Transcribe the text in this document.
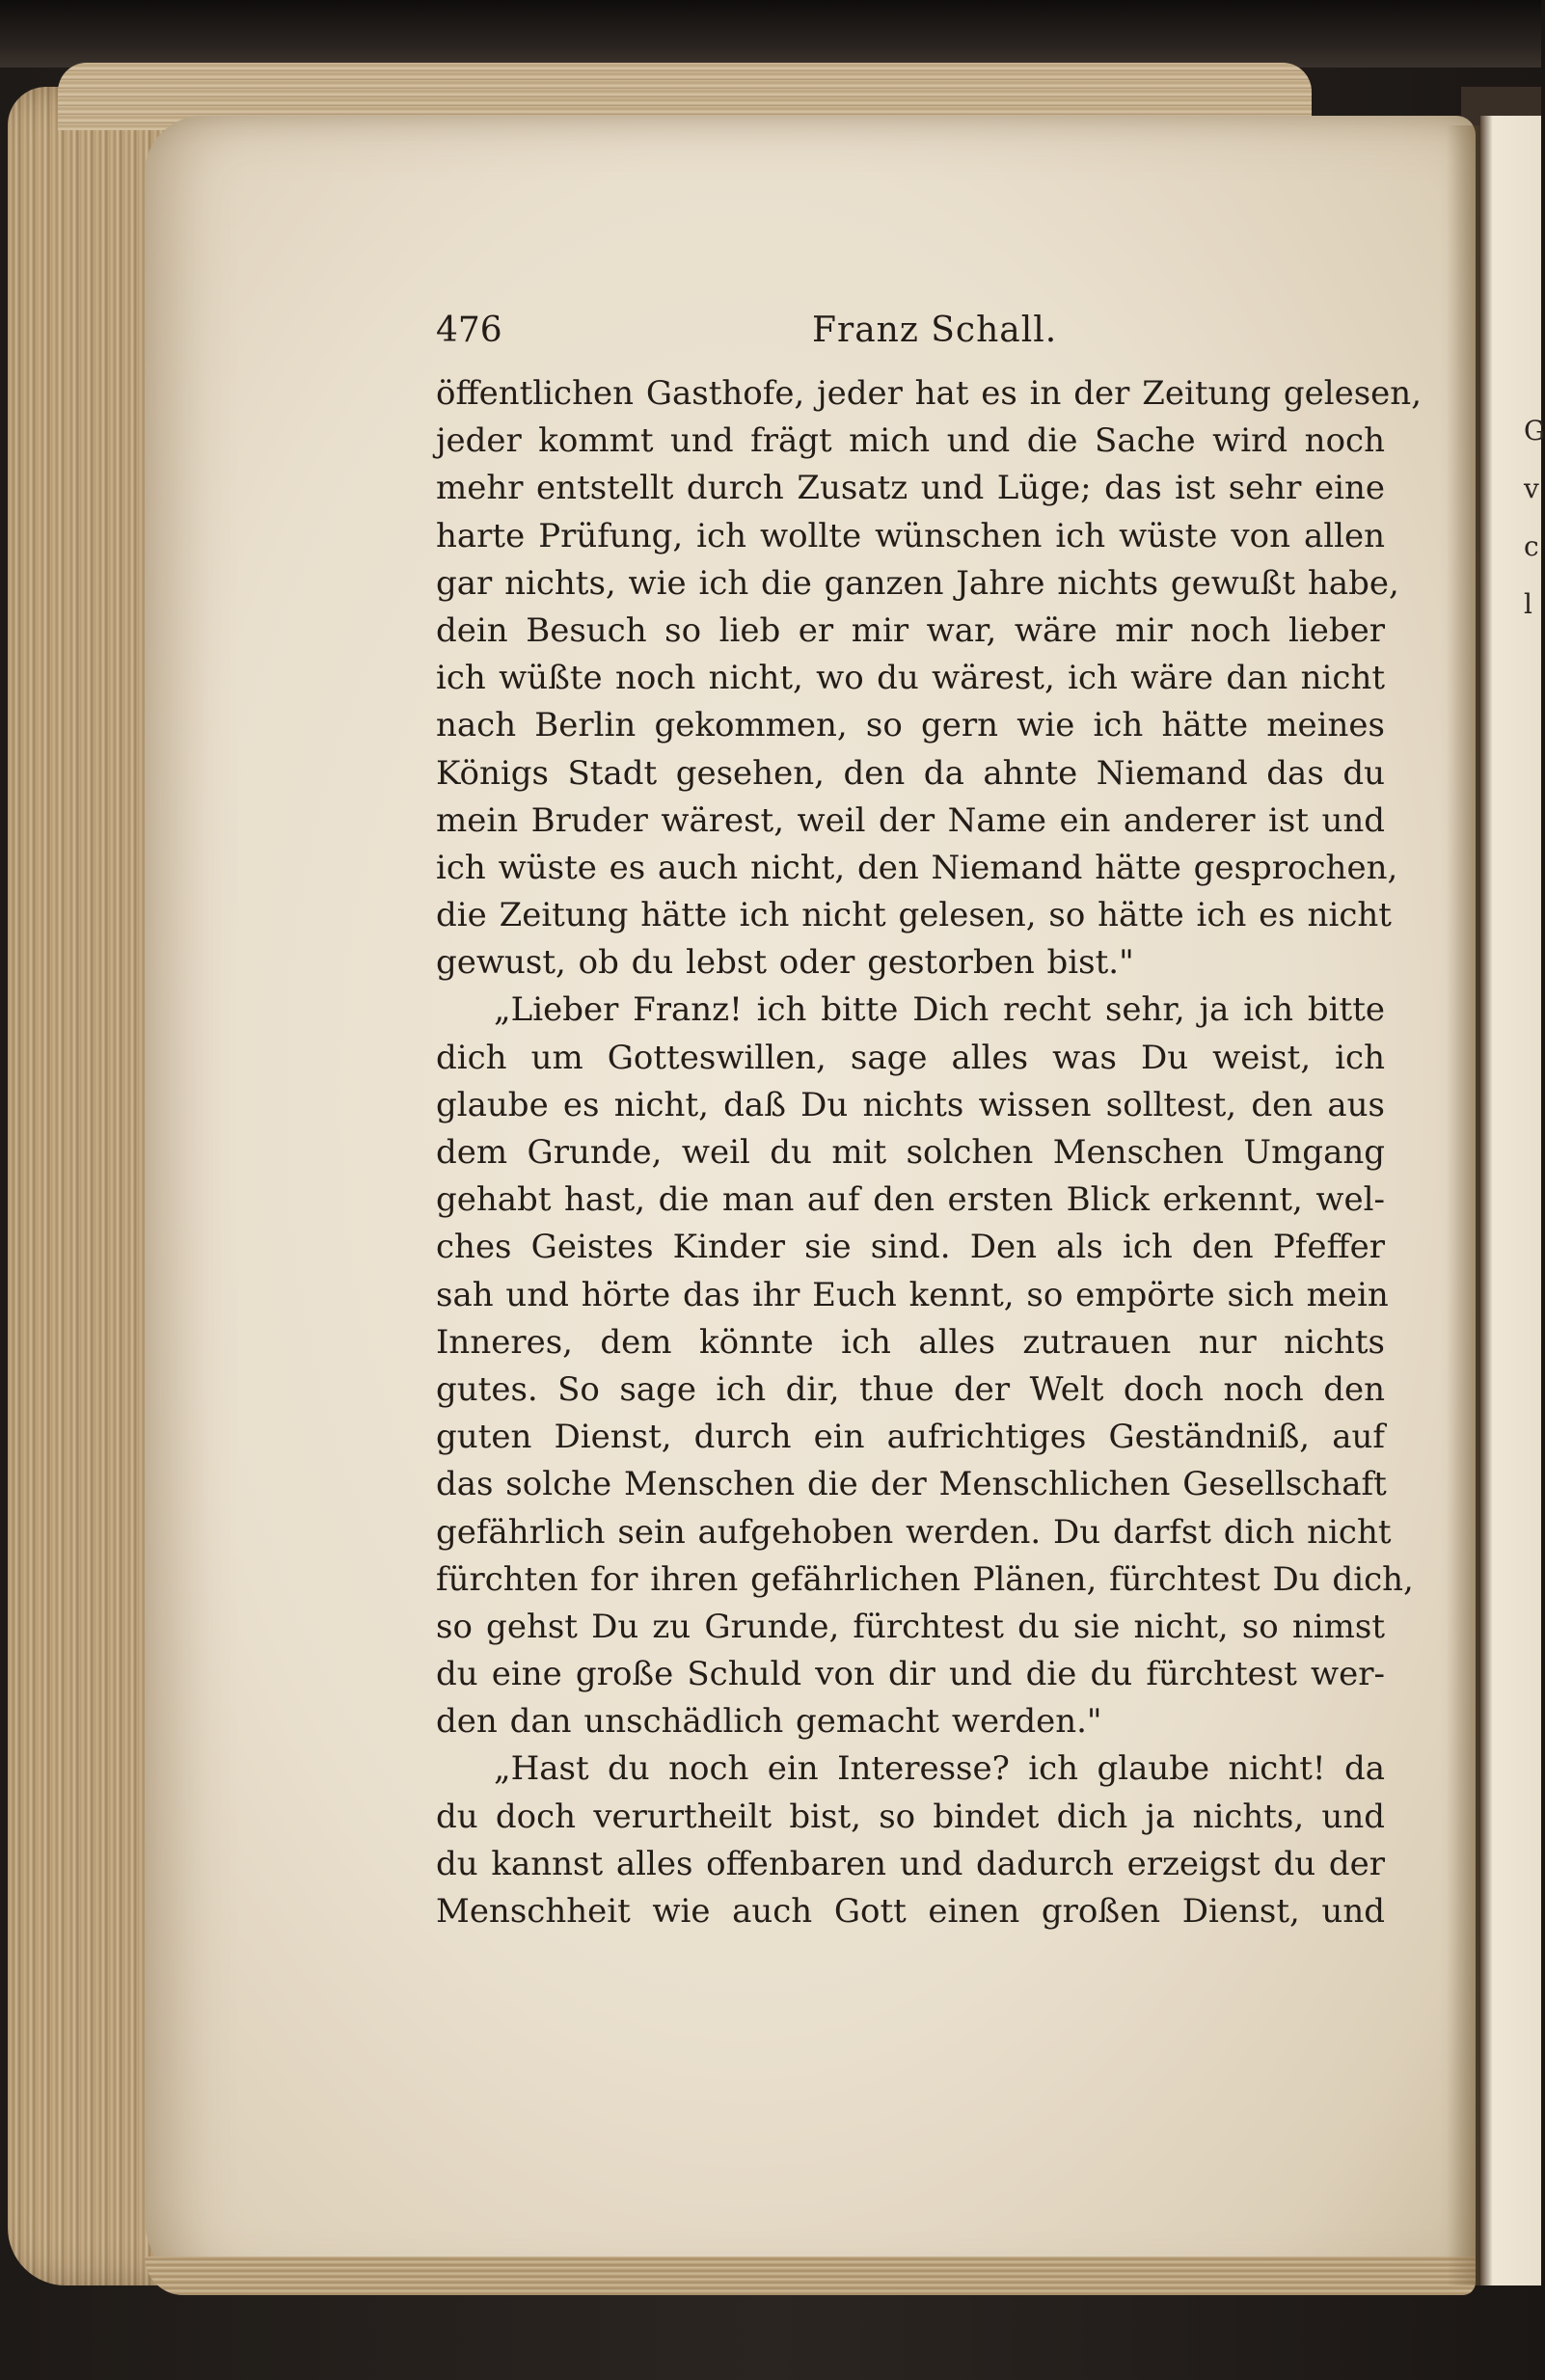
G
v
c
l
476	Franz Schall.
öffentlichen Gasthofe, jeder hat es in der Zeitung gelesen,
jeder kommt und frägt mich und die Sache wird noch
mehr entstellt durch Zusatz und Lüge; das ist sehr eine
harte Prüfung, ich wollte wünschen ich wüste von allen
gar nichts, wie ich die ganzen Jahre nichts gewußt habe,
dein Besuch so lieb er mir war, wäre mir noch lieber
ich wüßte noch nicht, wo du wärest, ich wäre dan nicht
nach Berlin gekommen, so gern wie ich hätte meines
Königs Stadt gesehen, den da ahnte Niemand das du
mein Bruder wärest, weil der Name ein anderer ist und
ich wüste es auch nicht, den Niemand hätte gesprochen,
die Zeitung hätte ich nicht gelesen, so hätte ich es nicht
gewust, ob du lebst oder gestorben bist."
„Lieber Franz! ich bitte Dich recht sehr, ja ich bitte
dich um Gotteswillen, sage alles was Du weist, ich
glaube es nicht, daß Du nichts wissen solltest, den aus
dem Grunde, weil du mit solchen Menschen Umgang
gehabt hast, die man auf den ersten Blick erkennt, wel-
ches Geistes Kinder sie sind. Den als ich den Pfeffer
sah und hörte das ihr Euch kennt, so empörte sich mein
Inneres, dem könnte ich alles zutrauen nur nichts
gutes. So sage ich dir, thue der Welt doch noch den
guten Dienst, durch ein aufrichtiges Geständniß, auf
das solche Menschen die der Menschlichen Gesellschaft
gefährlich sein aufgehoben werden. Du darfst dich nicht
fürchten for ihren gefährlichen Plänen, fürchtest Du dich,
so gehst Du zu Grunde, fürchtest du sie nicht, so nimst
du eine große Schuld von dir und die du fürchtest wer-
den dan unschädlich gemacht werden."
„Hast du noch ein Interesse? ich glaube nicht! da
du doch verurtheilt bist, so bindet dich ja nichts, und
du kannst alles offenbaren und dadurch erzeigst du der
Menschheit wie auch Gott einen großen Dienst, und
